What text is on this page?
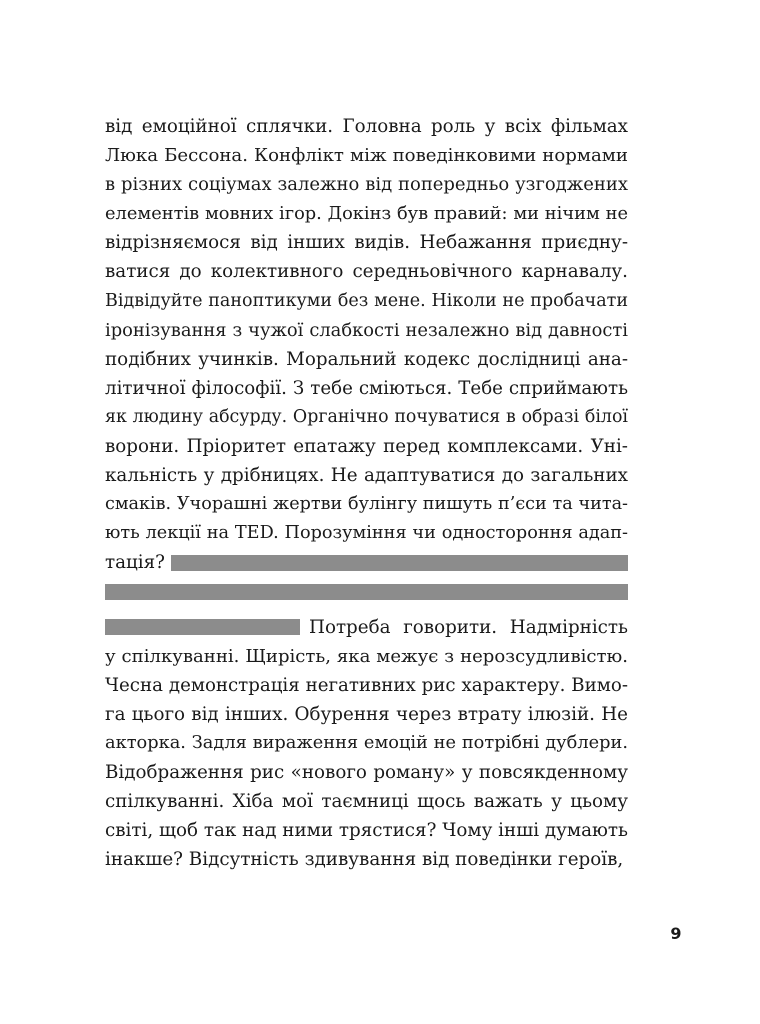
від емоційної сплячки. Головна роль у всіх фільмах
Люка Бессона. Конфлікт між поведінковими нормами
в різних соціумах залежно від попередньо узгоджених
елементів мовних ігор. Докінз був правий: ми нічим не
відрізняємося від інших видів. Небажання приєдну-
ватися до колективного середньовічного карнавалу.
Відвідуйте паноптикуми без мене. Ніколи не пробачати
іронізування з чужої слабкості незалежно від давності
подібних учинків. Моральний кодекс дослідниці ана-
літичної філософії. З тебе сміються. Тебе сприймають
як людину абсурду. Органічно почуватися в образі білої
ворони. Пріоритет епатажу перед комплексами. Уні-
кальність у дрібницях. Не адаптуватися до загальних
смаків. Учорашні жертви булінгу пишуть п’єси та чита-
ють лекції на TED. Порозуміння чи одностороння адап-
тація?
Потреба говорити. Надмірність
у спілкуванні. Щирість, яка межує з нерозсудливістю.
Чесна демонстрація негативних рис характеру. Вимо-
га цього від інших. Обурення через втрату ілюзій. Не
акторка. Задля вираження емоцій не потрібні дублери.
Відображення рис «нового роману» у повсякденному
спілкуванні. Хіба мої таємниці щось важать у цьому
світі, щоб так над ними трястися? Чому інші думають
інакше? Відсутність здивування від поведінки героїв,
9
